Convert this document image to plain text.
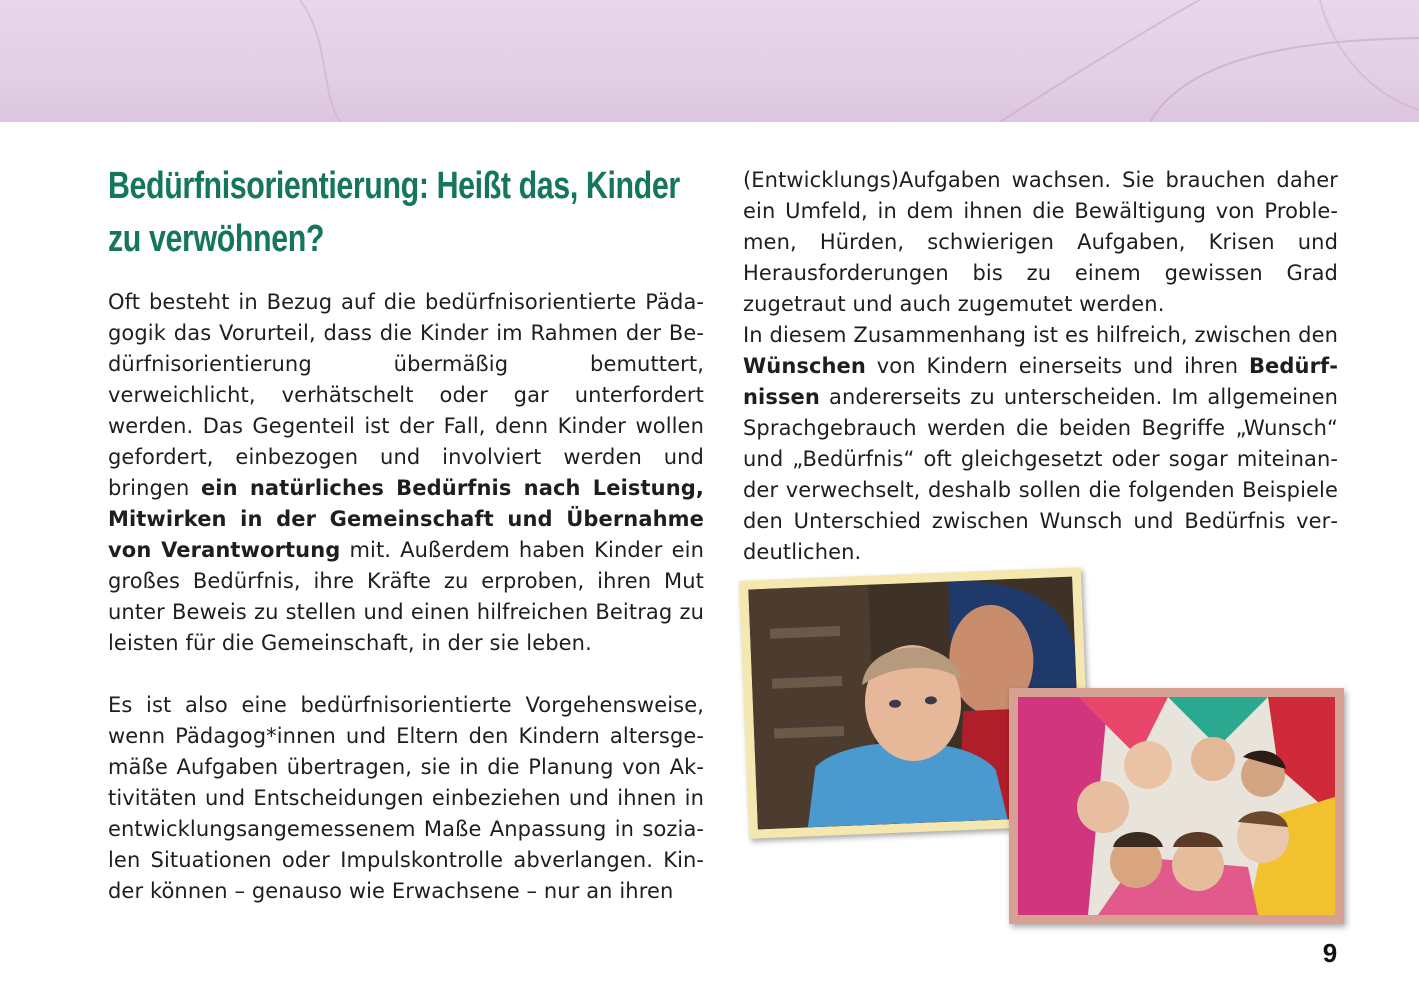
Bedürfnisorientierung: Heißt das, Kinder
zu verwöhnen?

Oft besteht in Bezug auf die bedürfnisorientierte Pädagogik das Vorurteil, dass die Kinder im Rahmen der Bedürfnisorientierung übermäßig bemuttert, verweichlicht, verhätschelt oder gar unterfordert werden. Das Gegenteil ist der Fall, denn Kinder wollen gefordert, einbezogen und involviert werden und bringen ein natürliches Bedürfnis nach Leistung, Mitwirken in der Gemeinschaft und Übernahme von Verantwortung mit. Außerdem haben Kinder ein großes Bedürfnis, ihre Kräfte zu erproben, ihren Mut unter Beweis zu stellen und einen hilfreichen Beitrag zu leisten für die Gemeinschaft, in der sie leben.

Es ist also eine bedürfnisorientierte Vorgehensweise, wenn Pädagog*innen und Eltern den Kindern altersgemäße Aufgaben übertragen, sie in die Planung von Aktivitäten und Entscheidungen einbeziehen und ihnen in entwicklungsangemessenem Maße Anpassung in sozialen Situationen oder Impulskontrolle abverlangen. Kinder können – genauso wie Erwachsene – nur an ihren

(Entwicklungs)Aufgaben wachsen. Sie brauchen daher ein Umfeld, in dem ihnen die Bewältigung von Problemen, Hürden, schwierigen Aufgaben, Krisen und Herausforderungen bis zu einem gewissen Grad zugetraut und auch zugemutet werden.

In diesem Zusammenhang ist es hilfreich, zwischen den Wünschen von Kindern einerseits und ihren Bedürfnissen andererseits zu unterscheiden. Im allgemeinen Sprachgebrauch werden die beiden Begriffe „Wunsch“ und „Bedürfnis“ oft gleichgesetzt oder sogar miteinander verwechselt, deshalb sollen die folgenden Beispiele den Unterschied zwischen Wunsch und Bedürfnis verdeutlichen.

9
